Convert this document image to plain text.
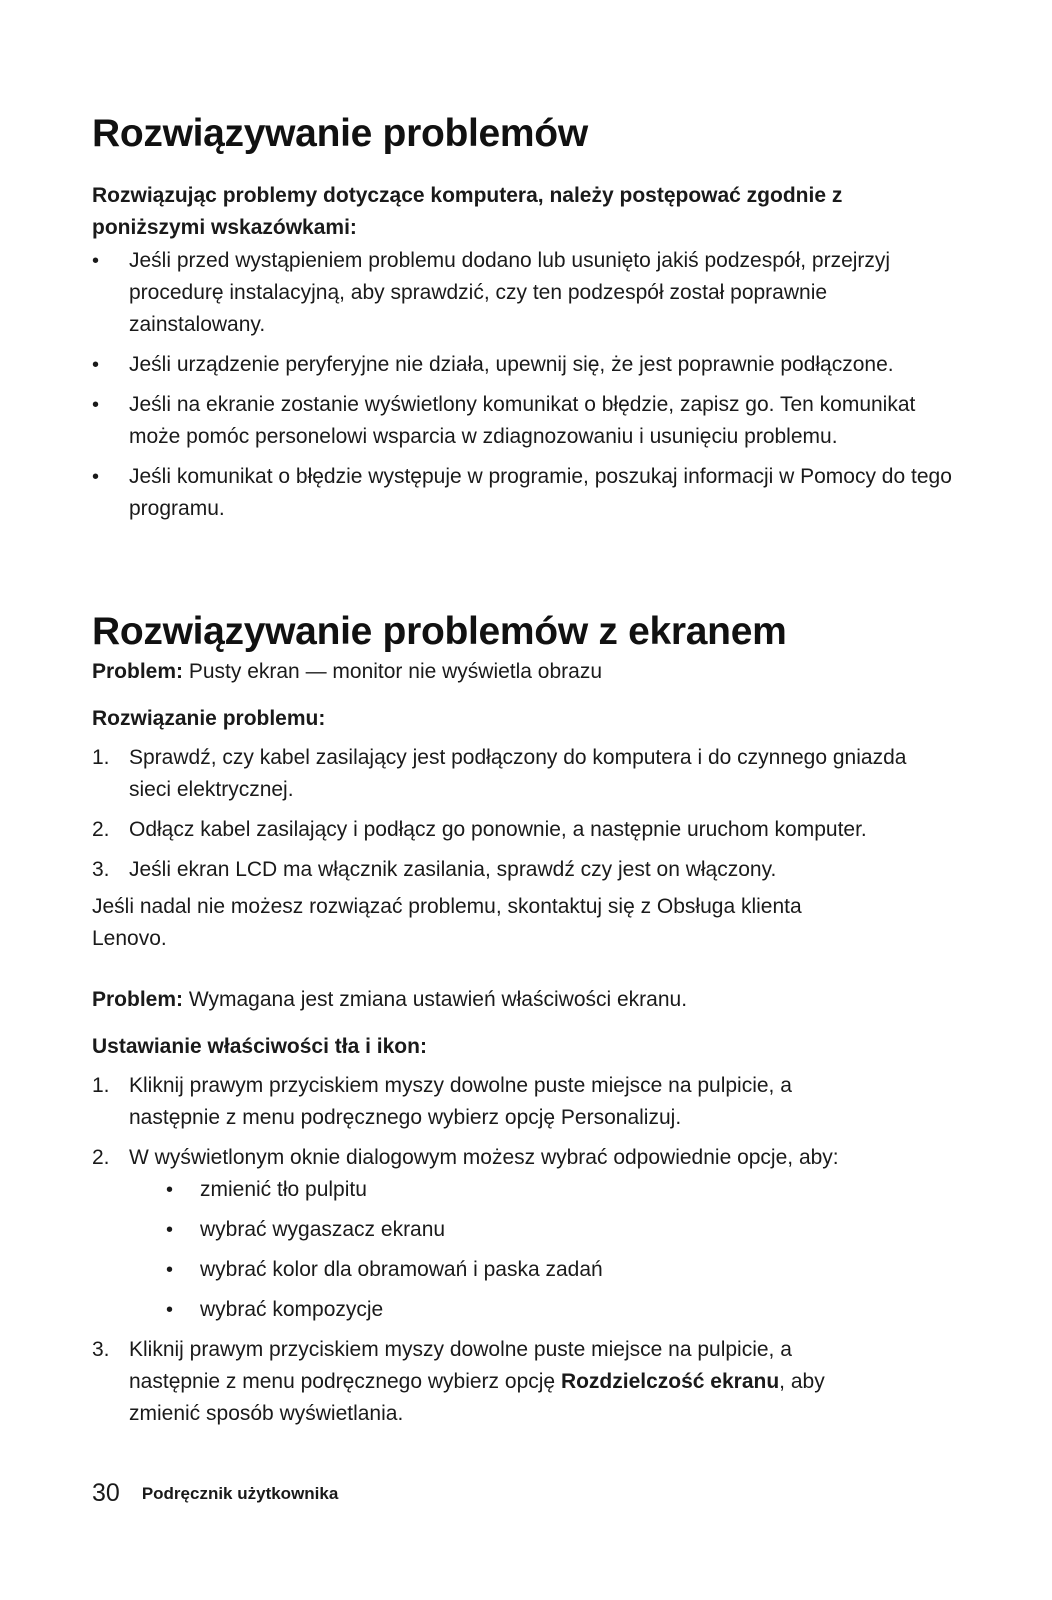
Rozwiązywanie problemów
Rozwiązując problemy dotyczące komputera, należy postępować zgodnie z poniższymi wskazówkami:
•	Jeśli przed wystąpieniem problemu dodano lub usunięto jakiś podzespół, przejrzyj procedurę instalacyjną, aby sprawdzić, czy ten podzespół został poprawnie zainstalowany.
•	Jeśli urządzenie peryferyjne nie działa, upewnij się, że jest poprawnie podłączone.
•	Jeśli na ekranie zostanie wyświetlony komunikat o błędzie, zapisz go. Ten komunikat może pomóc personelowi wsparcia w zdiagnozowaniu i usunięciu problemu.
•	Jeśli komunikat o błędzie występuje w programie, poszukaj informacji w Pomocy do tego programu.
Rozwiązywanie problemów z ekranem
Problem: Pusty ekran — monitor nie wyświetla obrazu
Rozwiązanie problemu:
1. Sprawdź, czy kabel zasilający jest podłączony do komputera i do czynnego gniazda sieci elektrycznej.
2. Odłącz kabel zasilający i podłącz go ponownie, a następnie uruchom komputer.
3. Jeśli ekran LCD ma włącznik zasilania, sprawdź czy jest on włączony.
Jeśli nadal nie możesz rozwiązać problemu, skontaktuj się z Obsługa klienta Lenovo.
Problem: Wymagana jest zmiana ustawień właściwości ekranu.
Ustawianie właściwości tła i ikon:
1. Kliknij prawym przyciskiem myszy dowolne puste miejsce na pulpicie, a następnie z menu podręcznego wybierz opcję Personalizuj.
2. W wyświetlonym oknie dialogowym możesz wybrać odpowiednie opcje, aby:
•	zmienić tło pulpitu
•	wybrać wygaszacz ekranu
•	wybrać kolor dla obramowań i paska zadań
•	wybrać kompozycje
3. Kliknij prawym przyciskiem myszy dowolne puste miejsce na pulpicie, a następnie z menu podręcznego wybierz opcję Rozdzielczość ekranu, aby zmienić sposób wyświetlania.
30 Podręcznik użytkownika
